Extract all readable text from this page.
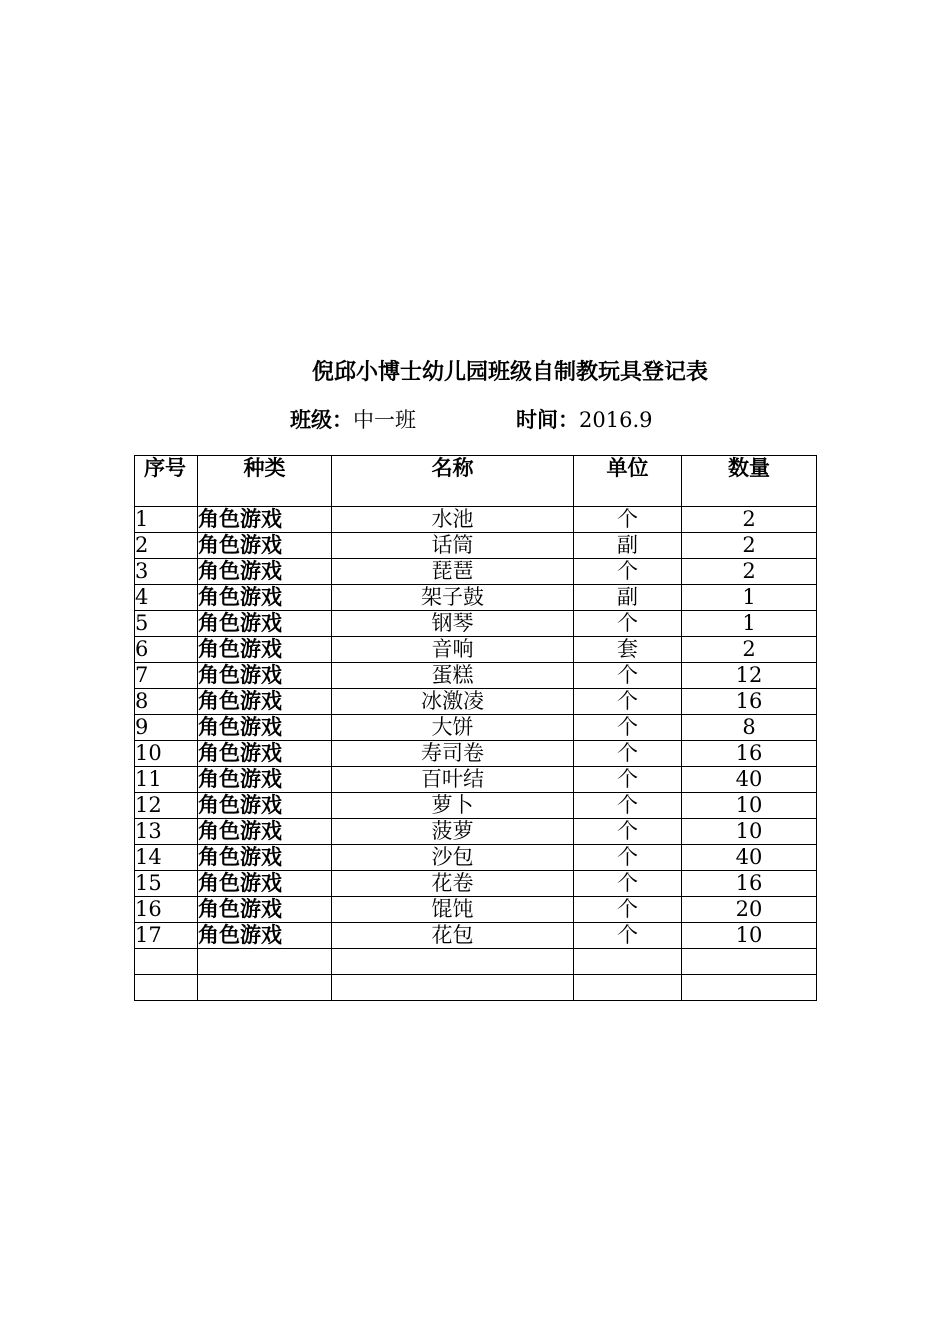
倪邱小博士幼儿园班级自制教玩具登记表
班级：中一班	时间：2016.9
序号	种类	名称	单位	数量
1	角色游戏	水池	个	2
2	角色游戏	话筒	副	2
3	角色游戏	琵琶	个	2
4	角色游戏	架子鼓	副	1
5	角色游戏	钢琴	个	1
6	角色游戏	音响	套	2
7	角色游戏	蛋糕	个	12
8	角色游戏	冰激凌	个	16
9	角色游戏	大饼	个	8
10	角色游戏	寿司卷	个	16
11	角色游戏	百叶结	个	40
12	角色游戏	萝卜	个	10
13	角色游戏	菠萝	个	10
14	角色游戏	沙包	个	40
15	角色游戏	花卷	个	16
16	角色游戏	馄饨	个	20
17	角色游戏	花包	个	10
